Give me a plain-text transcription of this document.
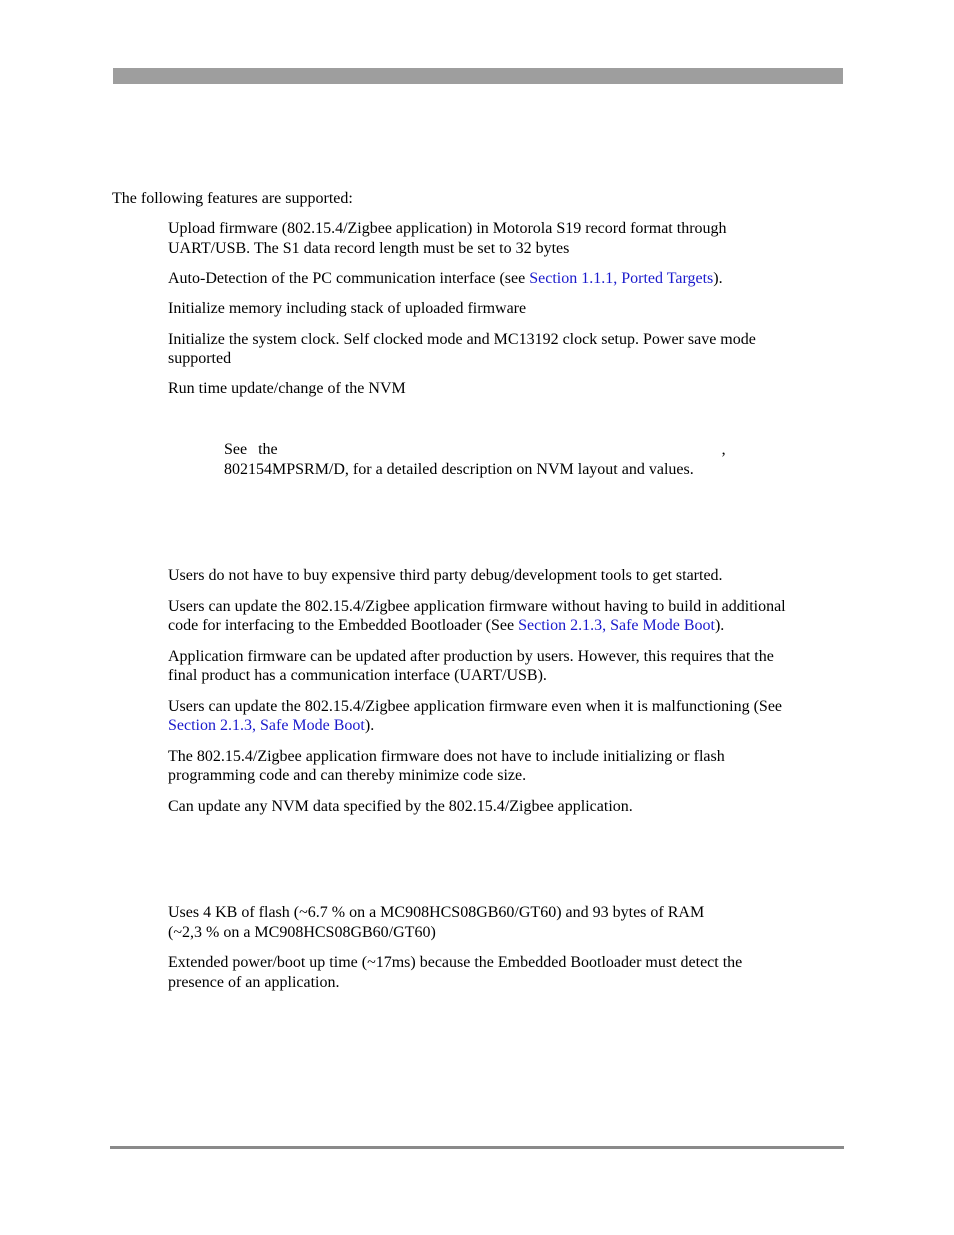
The following features are supported:
Upload firmware (802.15.4/Zigbee application) in Motorola S19 record format through
UART/USB. The S1 data record length must be set to 32 bytes
Auto-Detection of the PC communication interface (see Section 1.1.1, Ported Targets).
Initialize memory including stack of uploaded firmware
Initialize the system clock. Self clocked mode and MC13192 clock setup. Power save mode
supported
Run time update/change of the NVM
See the	,
802154MPSRM/D, for a detailed description on NVM layout and values.
Users do not have to buy expensive third party debug/development tools to get started.
Users can update the 802.15.4/Zigbee application firmware without having to build in additional
code for interfacing to the Embedded Bootloader (See Section 2.1.3, Safe Mode Boot).
Application firmware can be updated after production by users. However, this requires that the
final product has a communication interface (UART/USB).
Users can update the 802.15.4/Zigbee application firmware even when it is malfunctioning (See
Section 2.1.3, Safe Mode Boot).
The 802.15.4/Zigbee application firmware does not have to include initializing or flash
programming code and can thereby minimize code size.
Can update any NVM data specified by the 802.15.4/Zigbee application.
Uses 4 KB of flash (~6.7 % on a MC908HCS08GB60/GT60) and 93 bytes of RAM
(~2,3 % on a MC908HCS08GB60/GT60)
Extended power/boot up time (~17ms) because the Embedded Bootloader must detect the
presence of an application.
